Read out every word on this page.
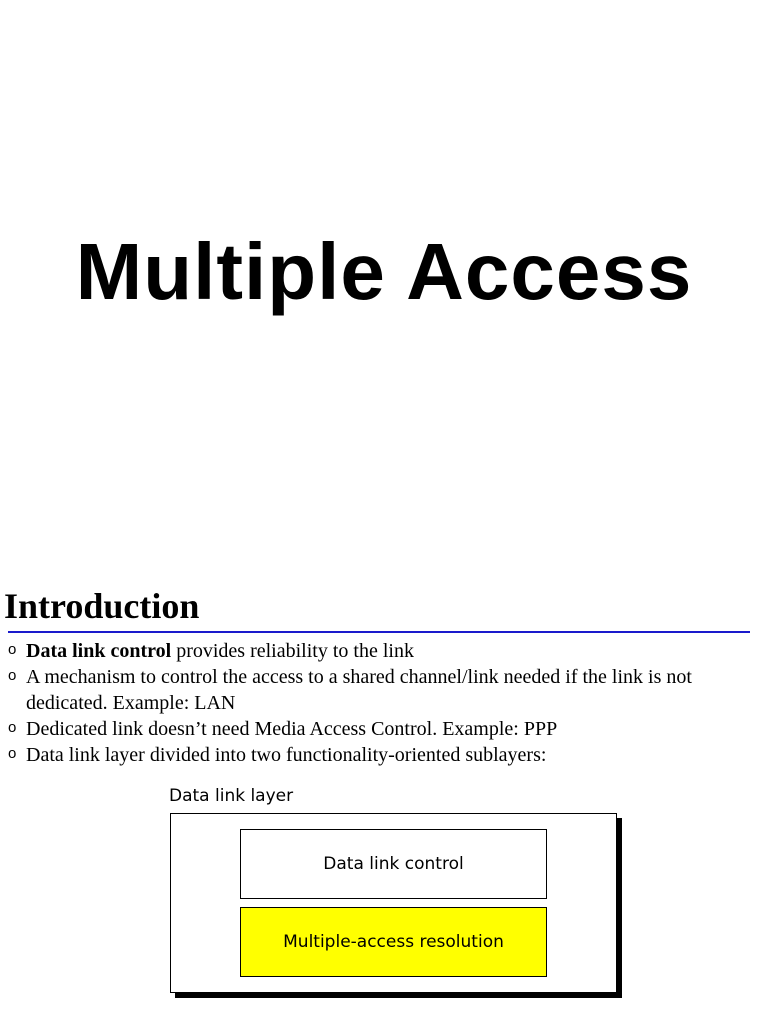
Multiple Access
Introduction
o Data link control provides reliability to the link
o A mechanism to control the access to a shared channel/link needed if the link is not dedicated. Example: LAN
o Dedicated link doesn’t need Media Access Control. Example: PPP
o Data link layer divided into two functionality-oriented sublayers:
Data link layer
Data link control
Multiple-access resolution
